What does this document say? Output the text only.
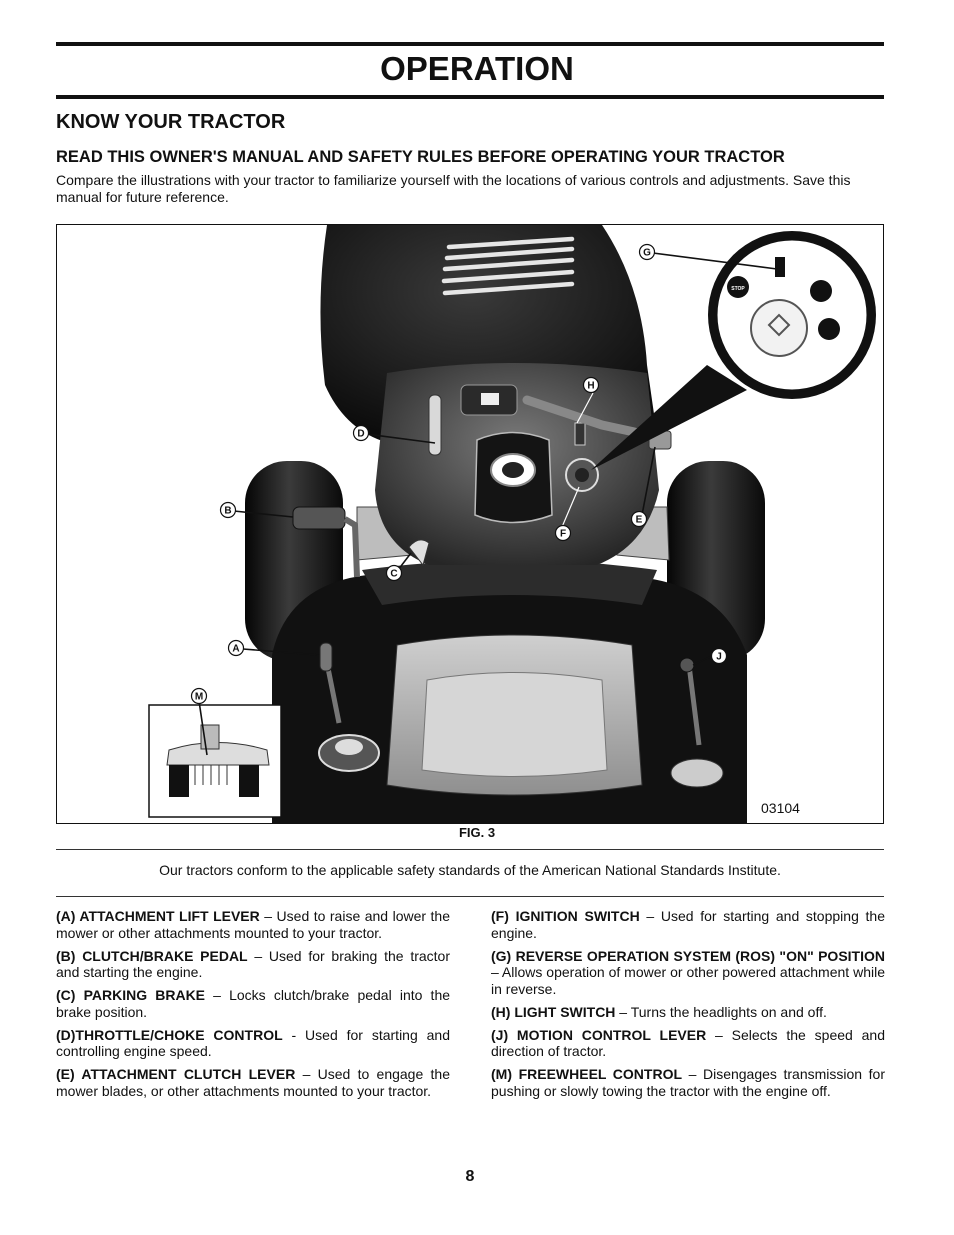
OPERATION
KNOW YOUR TRACTOR
READ THIS OWNER'S MANUAL AND SAFETY RULES BEFORE OPERATING YOUR TRACTOR
Compare the illustrations with your tractor to familiarize yourself with the locations of various controls and adjustments. Save this manual for future reference.
STOP
G
H
D
B
E
F
C
A
J
M
03104
FIG. 3
Our tractors conform to the applicable safety standards of the American National Standards Institute.

(A) ATTACHMENT LIFT LEVER – Used to raise and lower the mower or other attachments mounted to your tractor.

(B) CLUTCH/BRAKE PEDAL – Used for braking the tractor and starting the engine.

(C) PARKING BRAKE – Locks clutch/brake pedal into the brake position.

(D)THROTTLE/CHOKE CONTROL - Used for starting and controlling engine speed.

(E) ATTACHMENT CLUTCH LEVER – Used to engage the mower blades, or other attachments mounted to your tractor.

(F) IGNITION SWITCH – Used for starting and stopping the engine.

(G) REVERSE OPERATION SYSTEM (ROS) "ON" POSITION – Allows operation of mower or other powered attachment while in reverse.

(H) LIGHT SWITCH – Turns the headlights on and off.

(J) MOTION CONTROL LEVER – Selects the speed and direction of tractor.

(M) FREEWHEEL CONTROL – Disengages transmission for pushing or slowly towing the tractor with the engine off.

8
